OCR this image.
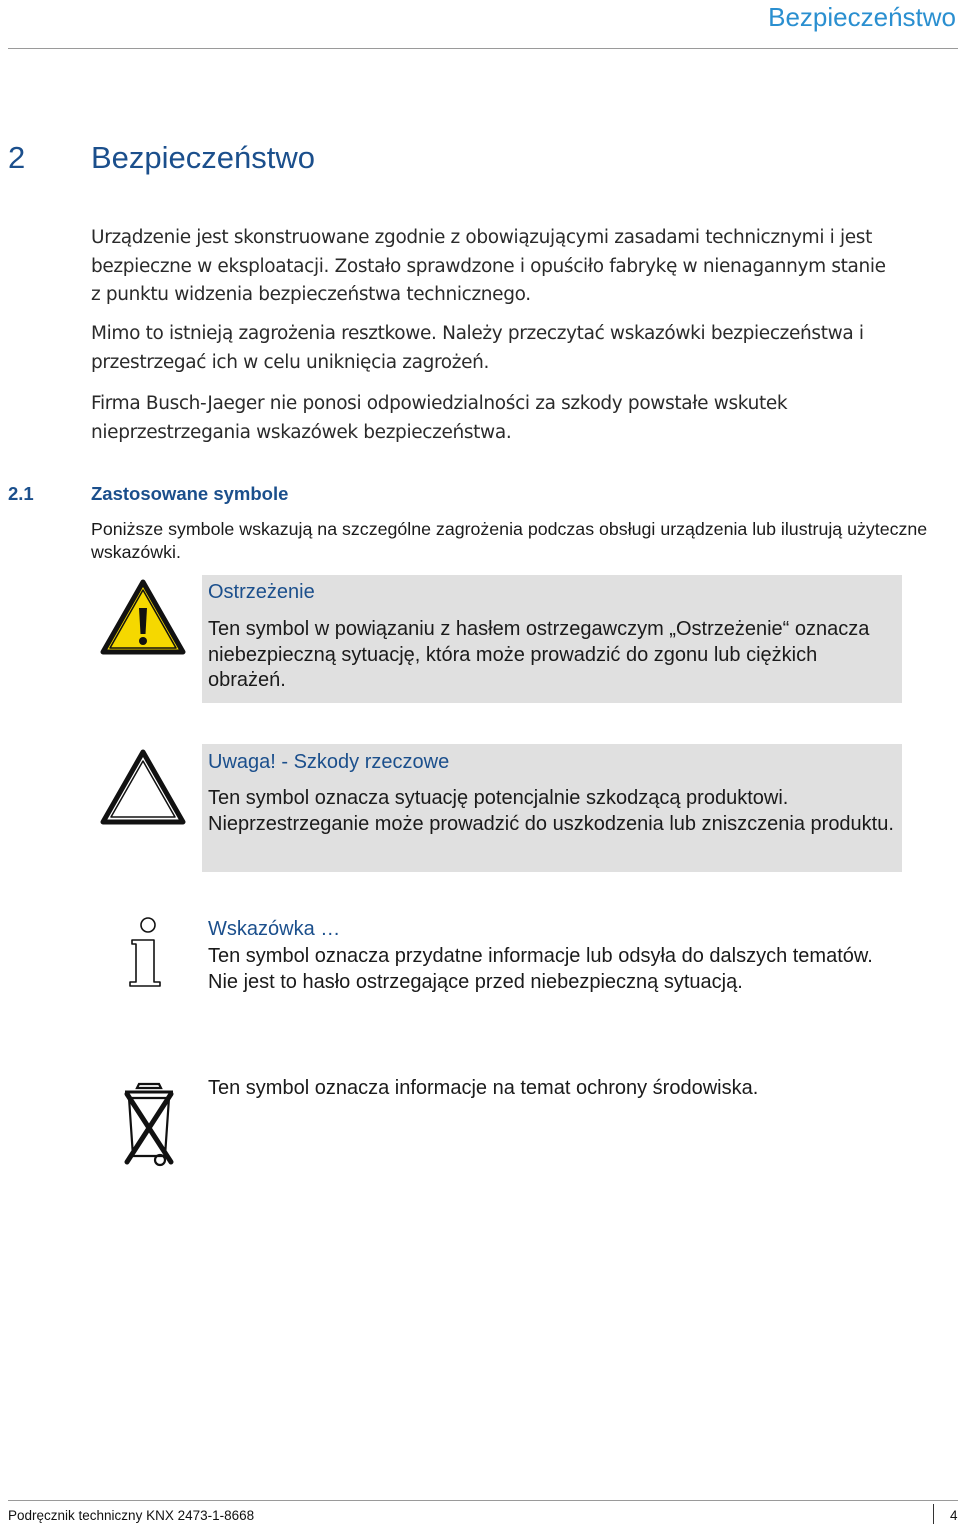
Bezpieczeństwo
2 Bezpieczeństwo
Urządzenie jest skonstruowane zgodnie z obowiązującymi zasadami technicznymi i jest bezpieczne w eksploatacji. Zostało sprawdzone i opuściło fabrykę w nienagannym stanie z punktu widzenia bezpieczeństwa technicznego.
Mimo to istnieją zagrożenia resztkowe. Należy przeczytać wskazówki bezpieczeństwa i przestrzegać ich w celu uniknięcia zagrożeń.
Firma Busch-Jaeger nie ponosi odpowiedzialności za szkody powstałe wskutek nieprzestrzegania wskazówek bezpieczeństwa.
2.1	Zastosowane symbole
Poniższe symbole wskazują na szczególne zagrożenia podczas obsługi urządzenia lub ilustrują użyteczne wskazówki.
Ostrzeżenie
Ten symbol w powiązaniu z hasłem ostrzegawczym „Ostrzeżenie“ oznacza niebezpieczną sytuację, która może prowadzić do zgonu lub ciężkich obrażeń.
Uwaga! - Szkody rzeczowe
Ten symbol oznacza sytuację potencjalnie szkodzącą produktowi. Nieprzestrzeganie może prowadzić do uszkodzenia lub zniszczenia produktu.
Wskazówka …
Ten symbol oznacza przydatne informacje lub odsyła do dalszych tematów. Nie jest to hasło ostrzegające przed niebezpieczną sytuacją.
Ten symbol oznacza informacje na temat ochrony środowiska.
Podręcznik techniczny KNX 2473-1-8668	4
